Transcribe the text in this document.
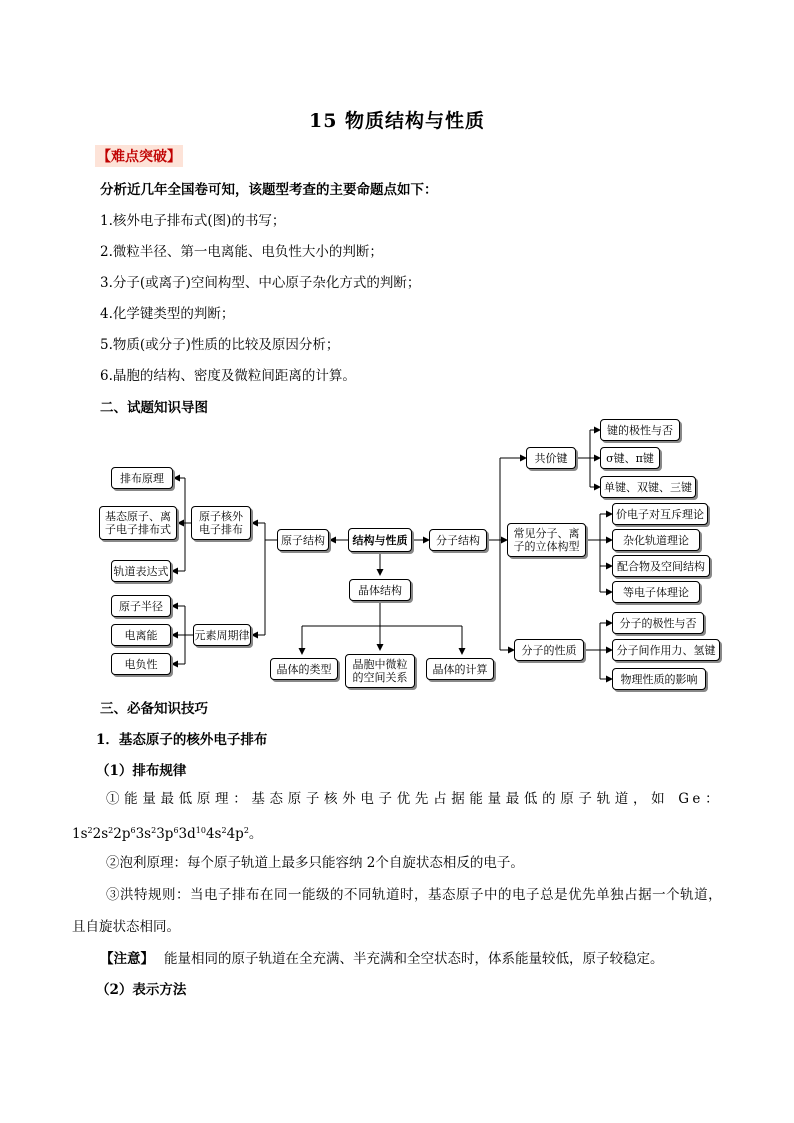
15 物质结构与性质
【难点突破】
分析近几年全国卷可知，该题型考查的主要命题点如下：
1.核外电子排布式(图)的书写；
2.微粒半径、第一电离能、电负性大小的判断；
3.分子(或离子)空间构型、中心原子杂化方式的判断；
4.化学键类型的判断；
5.物质(或分子)性质的比较及原因分析；
6.晶胞的结构、密度及微粒间距离的计算。
二、试题知识导图
结构与性质
原子结构
原子核外
电子排布
排布原理
基态原子、离
子电子排布式
轨道表达式
元素周期律
原子半径
电离能
电负性
分子结构
共价键
键的极性与否
σ键、π键
单键、双键、三键
常见分子、离
子的立体构型
价电子对互斥理论
杂化轨道理论
配合物及空间结构
等电子体理论
分子的性质
分子的极性与否
分子间作用力、氢键
物理性质的影响
晶体结构
晶体的类型	晶胞中微粒
的空间关系
晶体的计算
三、必备知识技巧
1．基态原子的核外电子排布
（1）排布规律
①能量最低原理：基态原子核外电子优先占据能量最低的原子轨道，如 Ge：
$1s^22s^22p^63s^23p^63d^{10}4s^24p^2$。
②泡利原理：每个原子轨道上最多只能容纳 2个自旋状态相反的电子。
③洪特规则：当电子排布在同一能级的不同轨道时，基态原子中的电子总是优先单独占据一个轨道，
且自旋状态相同。
【注意】 能量相同的原子轨道在全充满、半充满和全空状态时，体系能量较低，原子较稳定。
（2）表示方法
